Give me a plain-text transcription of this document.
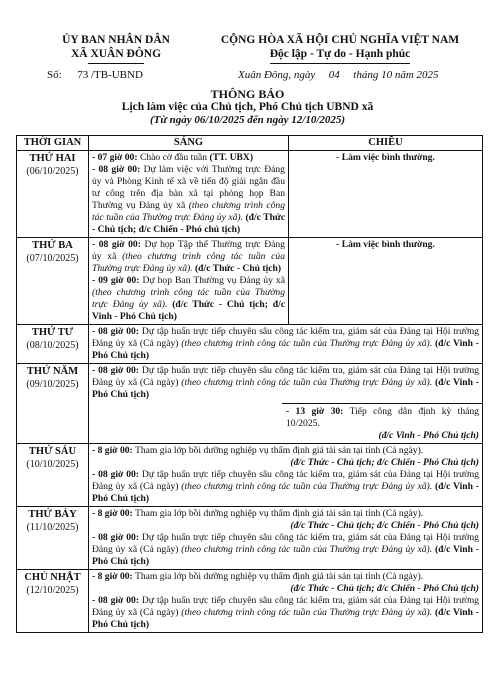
ỦY BAN NHÂN DÂN
XÃ XUÂN ĐÔNG
CỘNG HÒA XÃ HỘI CHỦ NGHĨA VIỆT NAM
Độc lập - Tự do - Hạnh phúc
Số: 73 /TB-UBND	Xuân Đông, ngày 04 tháng 10 năm 2025
THÔNG BÁO
Lịch làm việc của Chủ tịch, Phó Chủ tịch UBND xã
(Từ ngày 06/10/2025 đến ngày 12/10/2025)
THỜI GIAN	SÁNG	CHIỀU
THỨ HAI
(06/10/2025)	- 07 giờ 00: Chào cờ đầu tuần (TT. UBX)
- 08 giờ 00: Dự làm việc với Thường trực Đảng ủy và Phòng Kinh tế xã về tiến độ giải ngân đầu tư công trên địa bàn xã tại phòng họp Ban Thường vụ Đảng ủy xã (theo chương trình công tác tuần của Thường trực Đảng ủy xã). (đ/c Thức - Chủ tịch; đ/c Chiến - Phó chủ tịch)	- Làm việc bình thường.
THỨ BA
(07/10/2025)	- 08 giờ 00: Dự họp Tập thể Thường trực Đảng ủy xã (theo chương trình công tác tuần của Thường trực Đảng ủy xã). (đ/c Thức - Chủ tịch)
- 09 giờ 00: Dự họp Ban Thường vụ Đảng ủy xã (theo chương trình công tác tuần của Thường trực Đảng ủy xã). (đ/c Thức - Chủ tịch; đ/c Vinh - Phó Chủ tịch)	- Làm việc bình thường.
THỨ TƯ
(08/10/2025)	- 08 giờ 00: Dự tập huấn trực tiếp chuyên sâu công tác kiểm tra, giám sát của Đảng tại Hội trường Đảng ủy xã (Cả ngày) (theo chương trình công tác tuần của Thường trực Đảng ủy xã). (đ/c Vinh - Phó Chủ tịch)	

THỨ NĂM
(09/10/2025)	- 08 giờ 00: Dự tập huấn trực tiếp chuyên sâu công tác kiểm tra, giám sát của Đảng tại Hội trường Đảng ủy xã (Cả ngày) (theo chương trình công tác tuần của Thường trực Đảng ủy xã). (đ/c Vinh - Phó Chủ tịch)
- 13 giờ 30: Tiếp công dân định kỳ tháng 10/2025.
(đ/c Vinh - Phó Chủ tịch)	

THỨ SÁU
(10/10/2025)	- 8 giờ 00: Tham gia lớp bồi dưỡng nghiệp vụ thẩm định giá tài sản tại tỉnh (Cả ngày).
(đ/c Thức - Chủ tịch; đ/c Chiến - Phó Chủ tịch)
- 08 giờ 00: Dự tập huấn trực tiếp chuyên sâu công tác kiểm tra, giám sát của Đảng tại Hội trường Đảng ủy xã (Cả ngày) (theo chương trình công tác tuần của Thường trực Đảng ủy xã). (đ/c Vinh - Phó Chủ tịch)	

THỨ BẢY
(11/10/2025)	- 8 giờ 00: Tham gia lớp bồi dưỡng nghiệp vụ thẩm định giá tài sản tại tỉnh (Cả ngày).
(đ/c Thức - Chủ tịch; đ/c Chiến - Phó Chủ tịch)
- 08 giờ 00: Dự tập huấn trực tiếp chuyên sâu công tác kiểm tra, giám sát của Đảng tại Hội trường Đảng ủy xã (Cả ngày) (theo chương trình công tác tuần của Thường trực Đảng ủy xã). (đ/c Vinh - Phó Chủ tịch)	

CHỦ NHẬT
(12/10/2025)	- 8 giờ 00: Tham gia lớp bồi dưỡng nghiệp vụ thẩm định giá tài sản tại tỉnh (Cả ngày).
(đ/c Thức - Chủ tịch; đ/c Chiến - Phó Chủ tịch)
- 08 giờ 00: Dự tập huấn trực tiếp chuyên sâu công tác kiểm tra, giám sát của Đảng tại Hội trường Đảng ủy xã (Cả ngày) (theo chương trình công tác tuần của Thường trực Đảng ủy xã). (đ/c Vinh - Phó Chủ tịch)	
